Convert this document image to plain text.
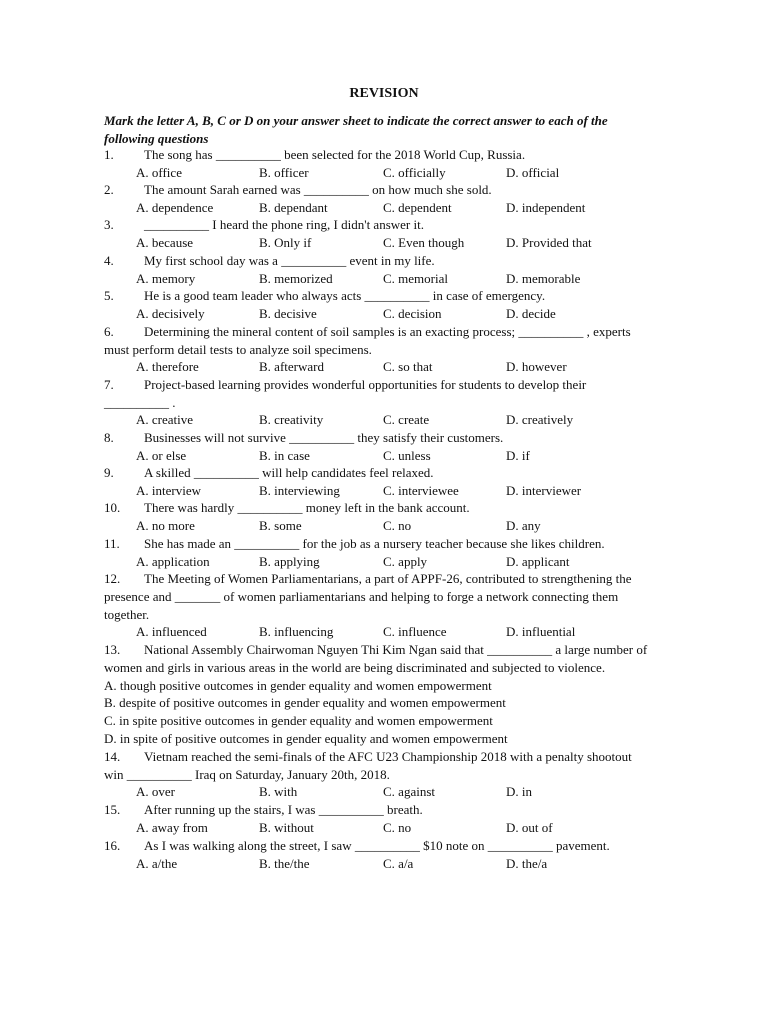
REVISION
Mark the letter A, B, C or D on your answer sheet to indicate the correct answer to each of the following questions
1. The song has __________ been selected for the 2018 World Cup, Russia.
A. office	B. officer	C. officially	D. official
2. The amount Sarah earned was __________ on how much she sold.
A. dependence	B. dependant	C. dependent	D. independent
3. __________ I heard the phone ring, I didn't answer it.
A. because	B. Only if	C. Even though	D. Provided that
4. My first school day was a __________ event in my life.
A. memory	B. memorized	C. memorial	D. memorable
5. He is a good team leader who always acts __________ in case of emergency.
A. decisively	B. decisive	C. decision	D. decide
6. Determining the mineral content of soil samples is an exacting process; __________ , experts must perform detail tests to analyze soil specimens.
A. therefore	B. afterward	C. so that	D. however
7. Project-based learning provides wonderful opportunities for students to develop their __________ .
A. creative	B. creativity	C. create	D. creatively
8. Businesses will not survive __________ they satisfy their customers.
A. or else	B. in case	C. unless	D. if
9. A skilled __________ will help candidates feel relaxed.
A. interview	B. interviewing	C. interviewee	D. interviewer
10. There was hardly __________ money left in the bank account.
A. no more	B. some	C. no	D. any
11. She has made an __________ for the job as a nursery teacher because she likes children.
A. application	B. applying	C. apply	D. applicant
12. The Meeting of Women Parliamentarians, a part of APPF-26, contributed to strengthening the presence and _______ of women parliamentarians and helping to forge a network connecting them together.
A. influenced	B. influencing	C. influence	D. influential
13. National Assembly Chairwoman Nguyen Thi Kim Ngan said that __________ a large number of women and girls in various areas in the world are being discriminated and subjected to violence.
A. though positive outcomes in gender equality and women empowerment
B. despite of positive outcomes in gender equality and women empowerment
C. in spite positive outcomes in gender equality and women empowerment
D. in spite of positive outcomes in gender equality and women empowerment
14. Vietnam reached the semi-finals of the AFC U23 Championship 2018 with a penalty shootout win __________ Iraq on Saturday, January 20th, 2018.
A. over	B. with	C. against	D. in
15. After running up the stairs, I was __________ breath.
A. away from	B. without	C. no	D. out of
16. As I was walking along the street, I saw __________ $10 note on __________ pavement.
A. a/the	B. the/the	C. a/a	D. the/a
